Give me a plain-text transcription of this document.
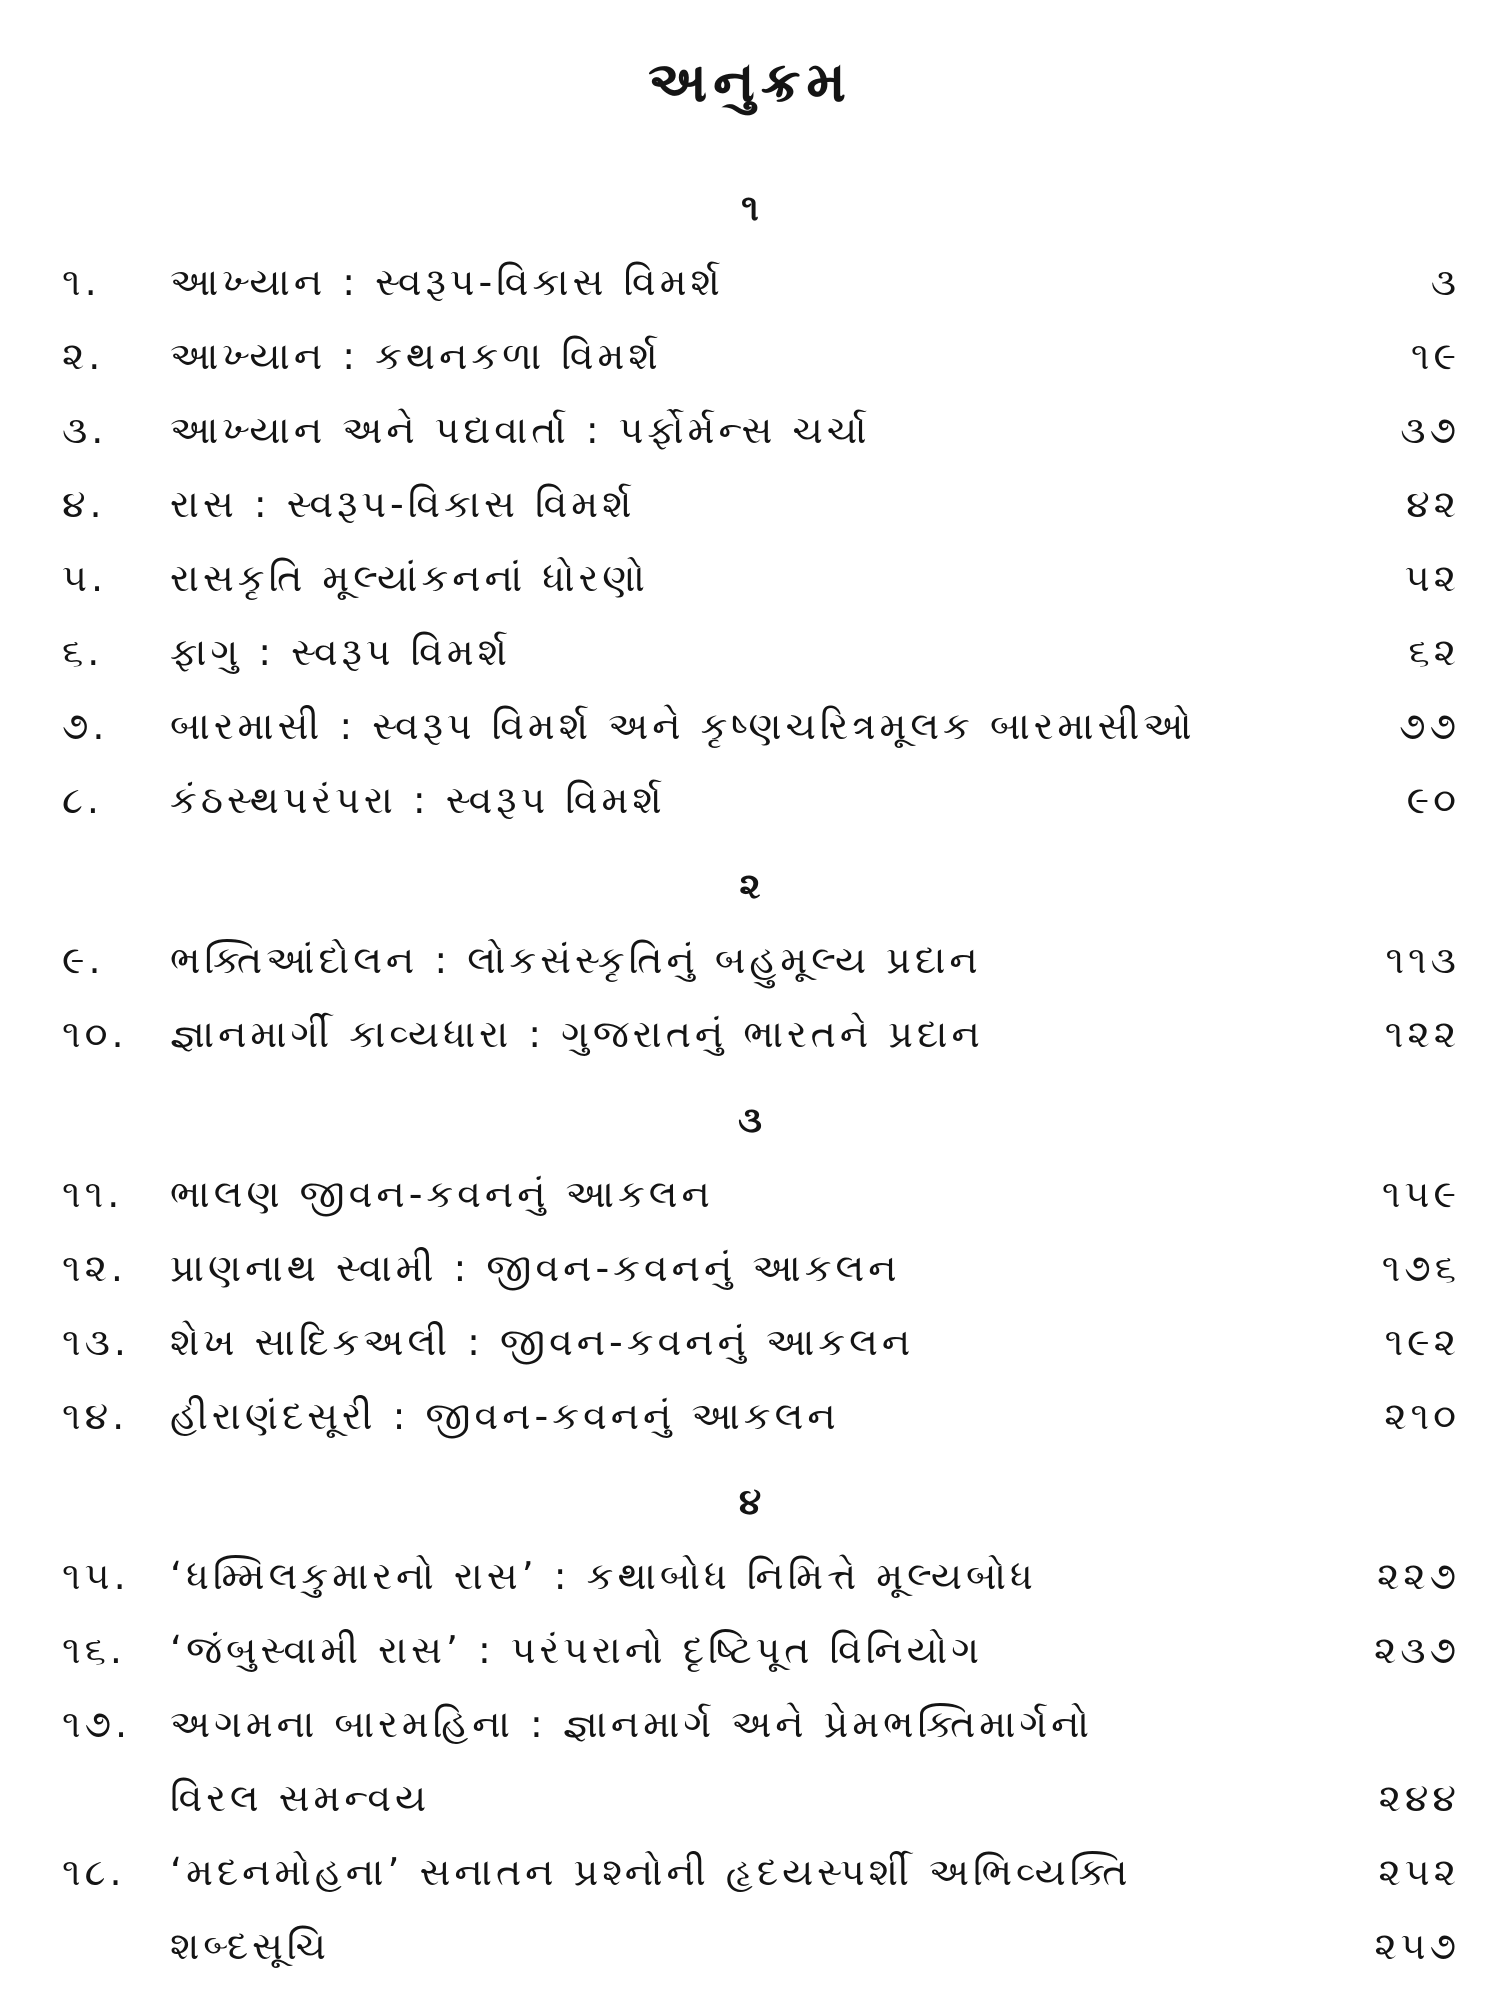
અનુક્રમ
૧
૧. આખ્યાન : સ્વરૂપ-વિકાસ વિમર્શ	૩
૨. આખ્યાન : કથનકળા વિમર્શ	૧૯
૩. આખ્યાન અને પદ્યવાર્તા : પર્ફોર્મન્સ ચર્ચા	૩૭
૪. રાસ : સ્વરૂપ-વિકાસ વિમર્શ	૪૨
૫. રાસકૃતિ મૂલ્યાંકનનાં ધોરણો	૫૨
૬. ફાગુ : સ્વરૂપ વિમર્શ	૬૨
૭. બારમાસી : સ્વરૂપ વિમર્શ અને કૃષ્ણચરિત્રમૂલક બારમાસીઓ	૭૭
૮. કંઠસ્થપરંપરા : સ્વરૂપ વિમર્શ	૯૦
૨
૯. ભક્તિઆંદોલન : લોકસંસ્કૃતિનું બહુમૂલ્ય પ્રદાન	૧૧૩
૧૦. જ્ઞાનમાર્ગી કાવ્યધારા : ગુજરાતનું ભારતને પ્રદાન	૧૨૨
૩
૧૧. ભાલણ જીવન-કવનનું આકલન	૧૫૯
૧૨. પ્રાણનાથ સ્વામી : જીવન-કવનનું આકલન	૧૭૬
૧૩. શેખ સાદિકઅલી : જીવન-કવનનું આકલન	૧૯૨
૧૪. હીરાણંદસૂરી : જીવન-કવનનું આકલન	૨૧૦
૪
૧૫. ‘ધમ્મિલકુમારનો રાસ’ : કથાબોધ નિમિત્તે મૂલ્યબોધ	૨૨૭
૧૬. ‘જંબુસ્વામી રાસ’ : પરંપરાનો દૃષ્ટિપૂત વિનિયોગ	૨૩૭
૧૭. અગમના બારમહિના : જ્ઞાનમાર્ગ અને પ્રેમભક્તિમાર્ગનો
વિરલ સમન્વય	૨૪૪
૧૮. ‘મદનમોહના’ સનાતન પ્રશ્નોની હૃદયસ્પર્શી અભિવ્યક્તિ	૨૫૨
શબ્દસૂચિ	૨૫૭
